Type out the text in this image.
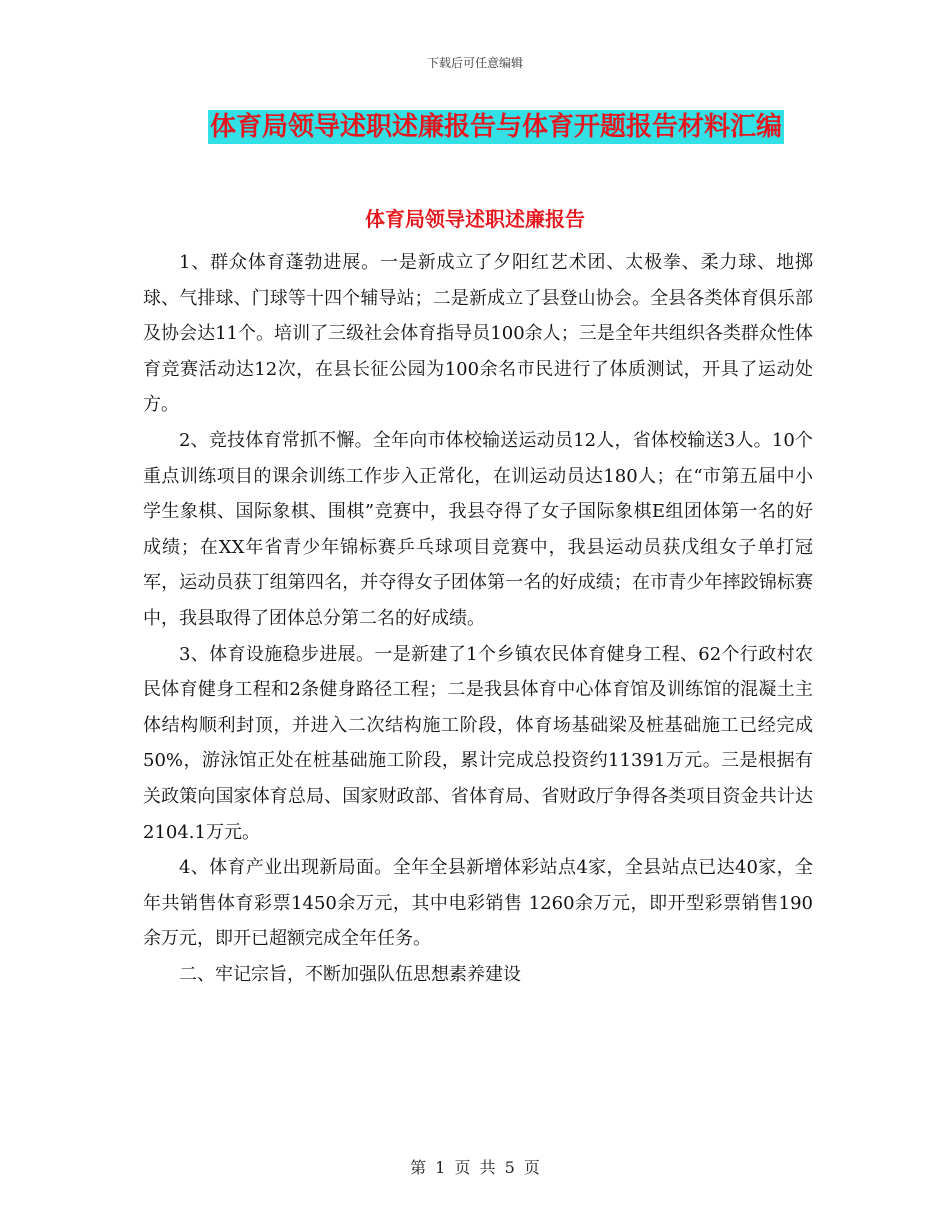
下载后可任意编辑
体育局领导述职述廉报告与体育开题报告材料汇编
体育局领导述职述廉报告

1、群众体育蓬勃进展。一是新成立了夕阳红艺术团、太极拳、柔力球、地掷球、气排球、门球等十四个辅导站；二是新成立了县登山协会。全县各类体育俱乐部及协会达11个。培训了三级社会体育指导员100余人；三是全年共组织各类群众性体育竞赛活动达12次，在县长征公园为100余名市民进行了体质测试，开具了运动处方。

2、竞技体育常抓不懈。全年向市体校输送运动员12人，省体校输送3人。10个重点训练项目的课余训练工作步入正常化，在训运动员达180人；在“市第五届中小学生象棋、国际象棋、围棋”竞赛中，我县夺得了女子国际象棋E组团体第一名的好成绩；在XX年省青少年锦标赛乒乓球项目竞赛中，我县运动员获戊组女子单打冠军，运动员获丁组第四名，并夺得女子团体第一名的好成绩；在市青少年摔跤锦标赛中，我县取得了团体总分第二名的好成绩。

3、体育设施稳步进展。一是新建了1个乡镇农民体育健身工程、62个行政村农民体育健身工程和2条健身路径工程；二是我县体育中心体育馆及训练馆的混凝土主体结构顺利封顶，并进入二次结构施工阶段，体育场基础梁及桩基础施工已经完成50%，游泳馆正处在桩基础施工阶段，累计完成总投资约11391万元。三是根据有关政策向国家体育总局、国家财政部、省体育局、省财政厅争得各类项目资金共计达2104.1万元。

4、体育产业出现新局面。全年全县新增体彩站点4家，全县站点已达40家，全年共销售体育彩票1450余万元，其中电彩销售 1260余万元，即开型彩票销售190余万元，即开已超额完成全年任务。

二、牢记宗旨，不断加强队伍思想素养建设

第 1 页 共 5 页
